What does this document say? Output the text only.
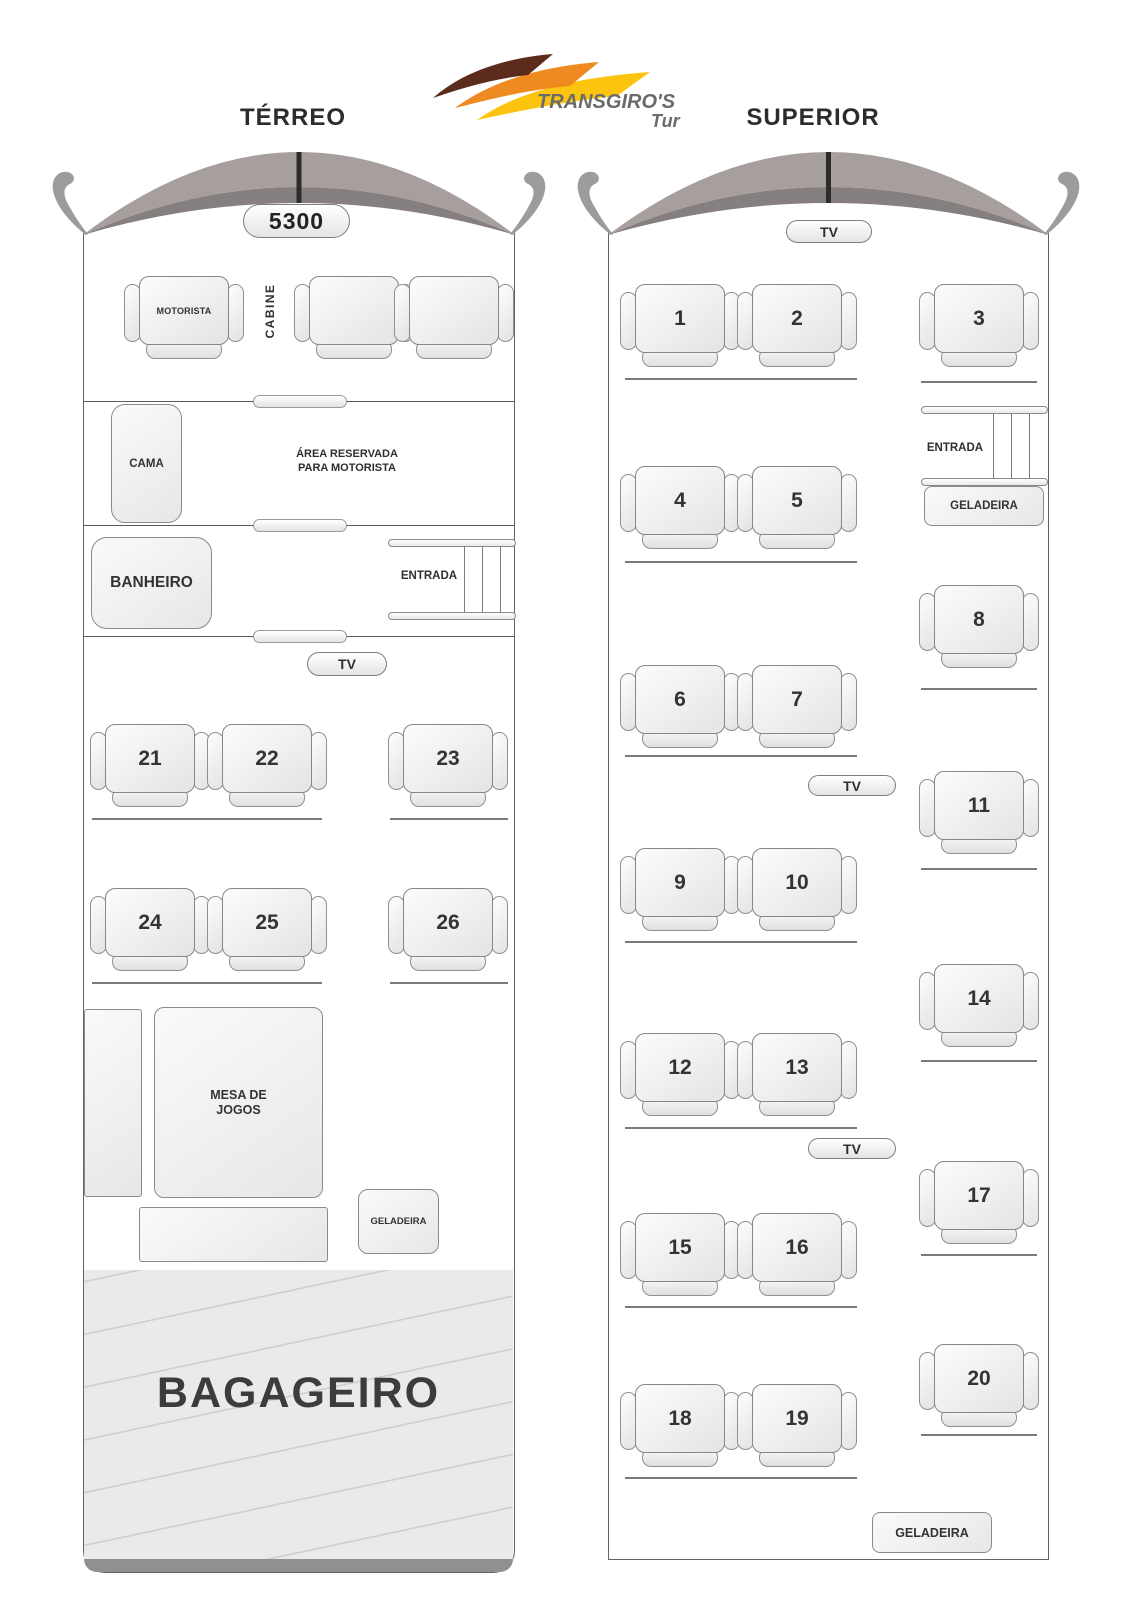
TRANSGIRO'S
Tur
TÉRREO	SUPERIOR
BAGAGEIRO
5300
MOTORISTA	CABINE
CAMA
ÁREA RESERVADA
PARA MOTORISTA
BANHEIRO	ENTRADA
TV
21	22	23
24	25	26
MESA DE JOGOS
GELADEIRA
TV
1	2	3
ENTRADA
GELADEIRA
4	5
8
6	7
TV
11
9	10
14
12	13
TV
17
15	16
20
18	19
GELADEIRA
